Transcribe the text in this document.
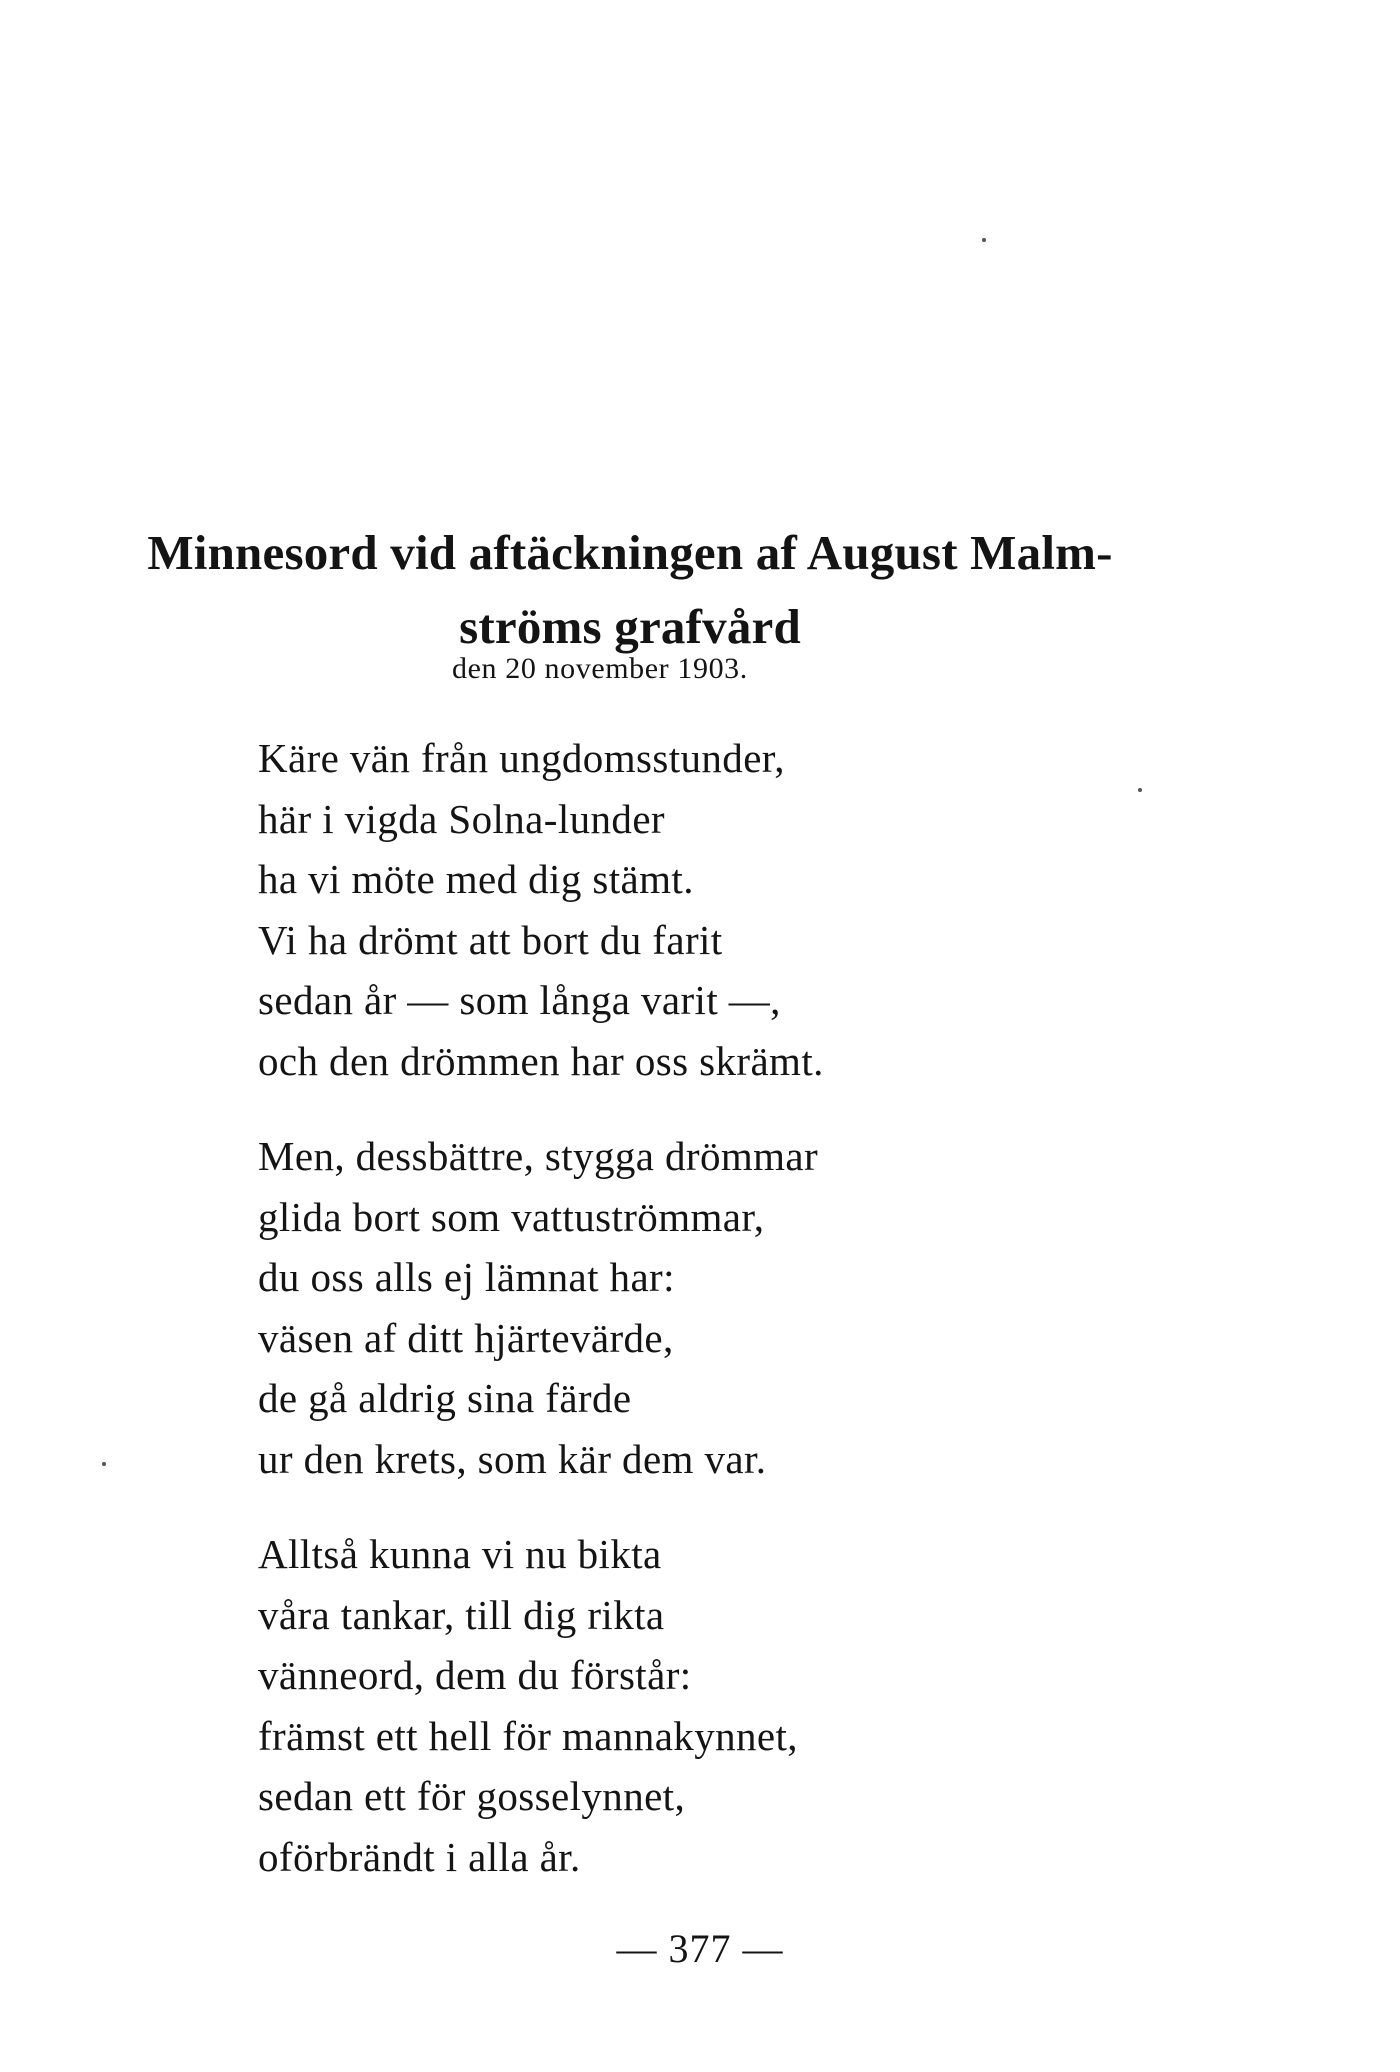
Minnesord vid aftäckningen af August Malm-
ströms grafvård

den 20 november 1903.

Käre vän från ungdomsstunder,
här i vigda Solna-lunder
ha vi möte med dig stämt.
Vi ha drömt att bort du farit
sedan år — som långa varit —,
och den drömmen har oss skrämt.
Men, dessbättre, stygga drömmar
glida bort som vattuströmmar,
du oss alls ej lämnat har:
väsen af ditt hjärtevärde,
de gå aldrig sina färde
ur den krets, som kär dem var.
Alltså kunna vi nu bikta
våra tankar, till dig rikta
vänneord, dem du förstår:
främst ett hell för mannakynnet,
sedan ett för gosselynnet,
oförbrändt i alla år.

— 377 —
